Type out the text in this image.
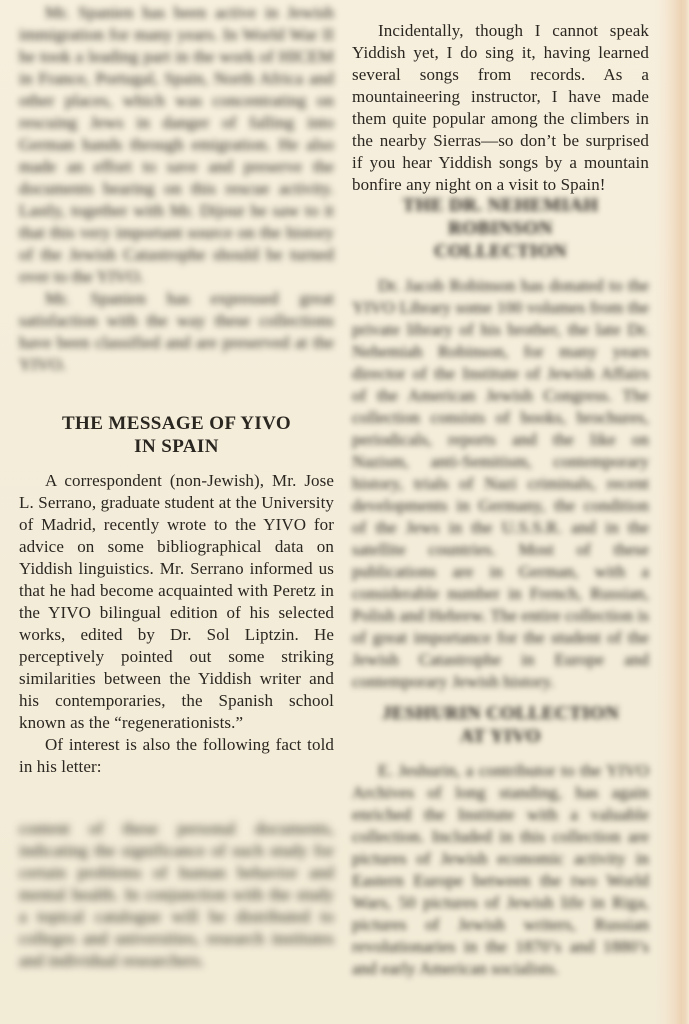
Mr. Spanien has been active in Jewish immigration for many years. In World War II he took a leading part in the work of HICEM in France, Portugal, Spain, North Africa and other places, which was concentrating on rescuing Jews in danger of falling into German hands through emigration. He also made an effort to save and preserve the documents bearing on this rescue activity. Lastly, together with Mr. Dijour he saw to it that this very important source on the history of the Jewish Catastrophe should be turned over to the YIVO.

Mr. Spanien has expressed great satisfaction with the way these collections have been classified and are preserved at the YIVO.

THE MESSAGE OF YIVO
IN SPAIN

A correspondent (non-Jewish), Mr. Jose L. Serrano, graduate student at the University of Madrid, recently wrote to the YIVO for advice on some bibliographical data on Yiddish linguistics. Mr. Serrano informed us that he had become acquainted with Peretz in the YIVO bilingual edition of his selected works, edited by Dr. Sol Liptzin. He perceptively pointed out some striking similarities between the Yiddish writer and his contemporaries, the Spanish school known as the “regenerationists.”

Of interest is also the following fact told in his letter:

content of these personal documents, indicating the significance of such study for certain problems of human behavior and mental health. In conjunction with the study a topical catalogue will be distributed to colleges and universities, research institutes and individual researchers.

Incidentally, though I cannot speak Yiddish yet, I do sing it, having learned several songs from records. As a mountaineering instructor, I have made them quite popular among the climbers in the nearby Sierras—so don’t be surprised if you hear Yiddish songs by a mountain bonfire any night on a visit to Spain!

THE DR. NEHEMIAH ROBINSON
COLLECTION

Dr. Jacob Robinson has donated to the YIVO Library some 100 volumes from the private library of his brother, the late Dr. Nehemiah Robinson, for many years director of the Institute of Jewish Affairs of the American Jewish Congress. The collection consists of books, brochures, periodicals, reports and the like on Nazism, anti-Semitism, contemporary history, trials of Nazi criminals, recent developments in Germany, the condition of the Jews in the U.S.S.R. and in the satellite countries. Most of these publications are in German, with a considerable number in French, Russian, Polish and Hebrew. The entire collection is of great importance for the student of the Jewish Catastrophe in Europe and contemporary Jewish history.

JESHURIN COLLECTION
AT YIVO

E. Jeshurin, a contributor to the YIVO Archives of long standing, has again enriched the Institute with a valuable collection. Included in this collection are pictures of Jewish economic activity in Eastern Europe between the two World Wars, 50 pictures of Jewish life in Riga, pictures of Jewish writers, Russian revolutionaries in the 1870’s and 1880’s and early American socialists.
